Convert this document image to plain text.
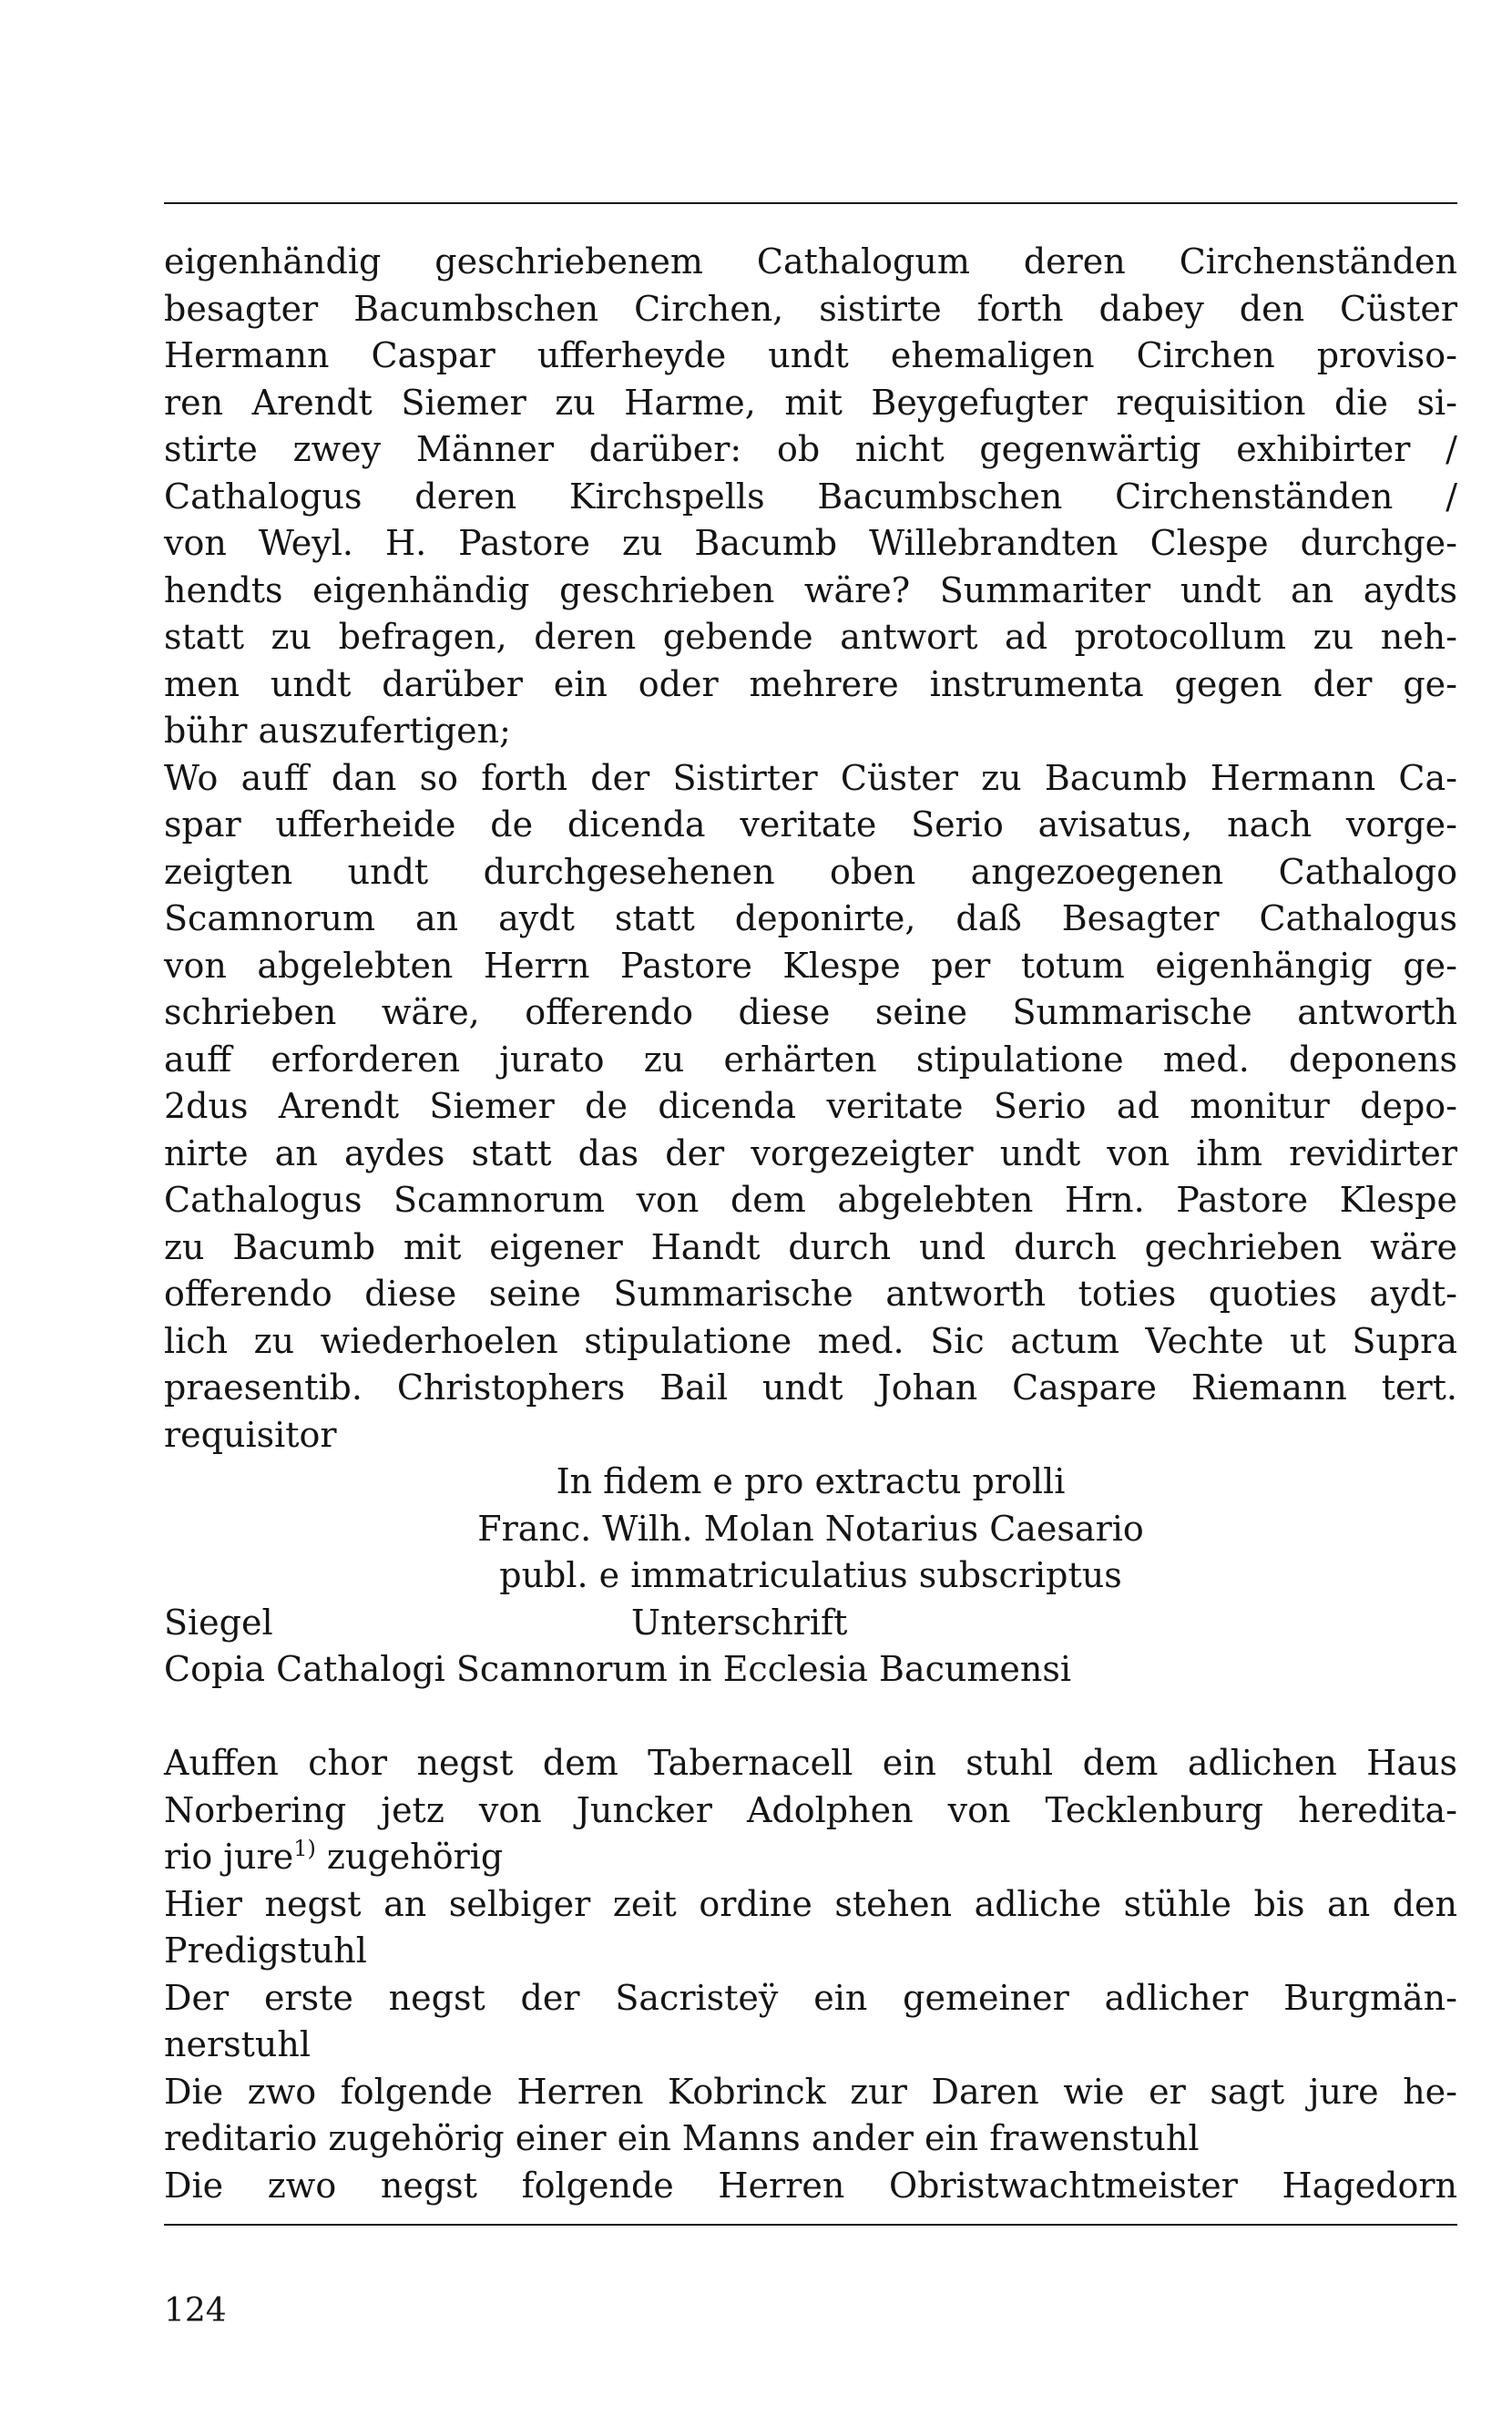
eigenhändig geschriebenem Cathalogum deren Circhenständen
besagter Bacumbschen Circhen, sistirte forth dabey den Cüster
Hermann Caspar ufferheyde undt ehemaligen Circhen proviso-
ren Arendt Siemer zu Harme, mit Beygefugter requisition die si-
stirte zwey Männer darüber: ob nicht gegenwärtig exhibirter /
Cathalogus deren Kirchspells Bacumbschen Circhenständen /
von Weyl. H. Pastore zu Bacumb Willebrandten Clespe durchge-
hendts eigenhändig geschrieben wäre? Summariter undt an aydts
statt zu befragen, deren gebende antwort ad protocollum zu neh-
men undt darüber ein oder mehrere instrumenta gegen der ge-
bühr auszufertigen;
Wo auff dan so forth der Sistirter Cüster zu Bacumb Hermann Ca-
spar ufferheide de dicenda veritate Serio avisatus, nach vorge-
zeigten undt durchgesehenen oben angezoegenen Cathalogo
Scamnorum an aydt statt deponirte, daß Besagter Cathalogus
von abgelebten Herrn Pastore Klespe per totum eigenhängig ge-
schrieben wäre, offerendo diese seine Summarische antworth
auff erforderen jurato zu erhärten stipulatione med. deponens
2dus Arendt Siemer de dicenda veritate Serio ad monitur depo-
nirte an aydes statt das der vorgezeigter undt von ihm revidirter
Cathalogus Scamnorum von dem abgelebten Hrn. Pastore Klespe
zu Bacumb mit eigener Handt durch und durch gechrieben wäre
offerendo diese seine Summarische antworth toties quoties aydt-
lich zu wiederhoelen stipulatione med. Sic actum Vechte ut Supra
praesentib. Christophers Bail undt Johan Caspare Riemann tert.
requisitor
In fidem e pro extractu prolli
Franc. Wilh. Molan Notarius Caesario
publ. e immatriculatius subscriptus
Siegel	Unterschrift
Copia Cathalogi Scamnorum in Ecclesia Bacumensi
Auffen chor negst dem Tabernacell ein stuhl dem adlichen Haus
Norbering jetz von Juncker Adolphen von Tecklenburg heredita-
rio jure$^{1)}$ zugehörig
Hier negst an selbiger zeit ordine stehen adliche stühle bis an den
Predigstuhl
Der erste negst der Sacristeÿ ein gemeiner adlicher Burgmän-
nerstuhl
Die zwo folgende Herren Kobrinck zur Daren wie er sagt jure he-
reditario zugehörig einer ein Manns ander ein frawenstuhl
Die zwo negst folgende Herren Obristwachtmeister Hagedorn
124
